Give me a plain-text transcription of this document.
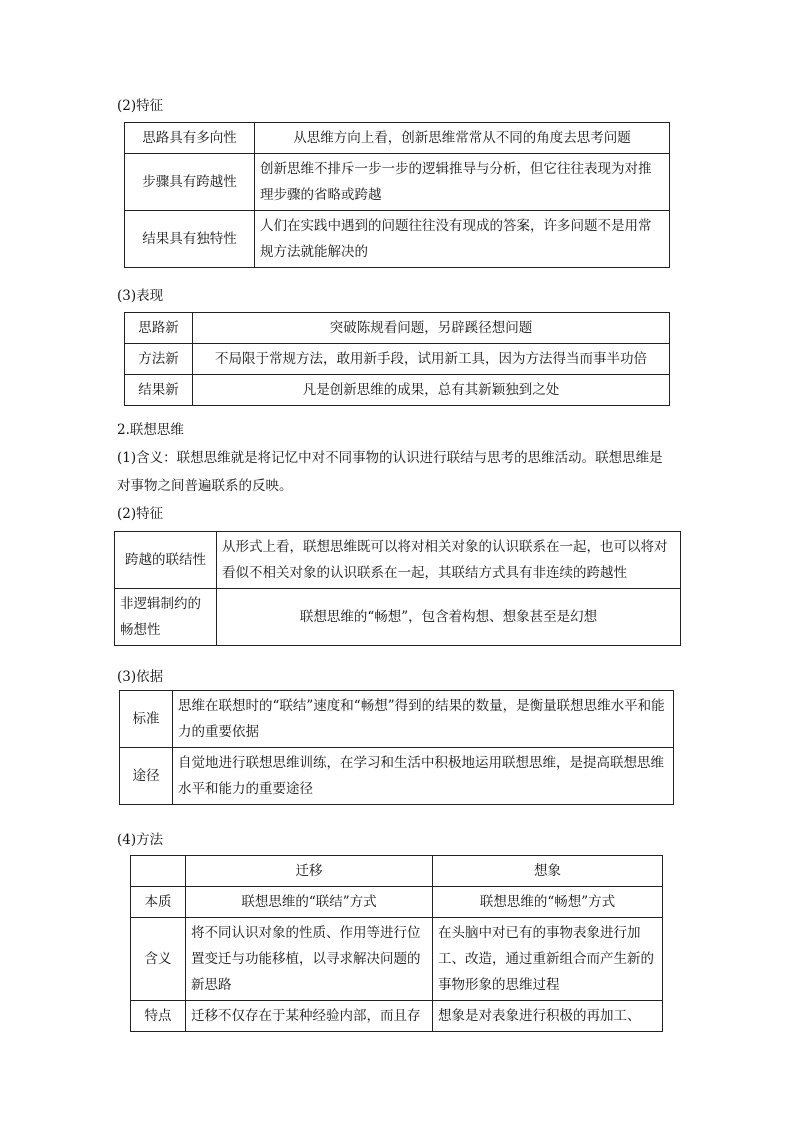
(2)特征
思路具有多向性	从思维方向上看，创新思维常常从不同的角度去思考问题
步骤具有跨越性	创新思维不排斥一步一步的逻辑推导与分析，但它往往表现为对推理步骤的省略或跨越
结果具有独特性	人们在实践中遇到的问题往往没有现成的答案，许多问题不是用常规方法就能解决的
(3)表现
思路新	突破陈规看问题，另辟蹊径想问题
方法新	不局限于常规方法，敢用新手段，试用新工具，因为方法得当而事半功倍
结果新	凡是创新思维的成果，总有其新颖独到之处
2.联想思维
(1)含义：联想思维就是将记忆中对不同事物的认识进行联结与思考的思维活动。联想思维是
对事物之间普遍联系的反映。
(2)特征
跨越的联结性	从形式上看，联想思维既可以将对相关对象的认识联系在一起，也可以将对看似不相关对象的认识联系在一起，其联结方式具有非连续的跨越性
非逻辑制约的畅想性	联想思维的“畅想”，包含着构想、想象甚至是幻想
(3)依据
标准	思维在联想时的“联结”速度和“畅想”得到的结果的数量，是衡量联想思维水平和能力的重要依据
途径	自觉地进行联想思维训练，在学习和生活中积极地运用联想思维，是提高联想思维水平和能力的重要途径
(4)方法
	迁移	想象
本质	联想思维的“联结”方式	联想思维的“畅想”方式
含义	将不同认识对象的性质、作用等进行位置变迁与功能移植，以寻求解决问题的新思路	在头脑中对已有的事物表象进行加工、改造，通过重新组合而产生新的事物形象的思维过程
特点	迁移不仅存在于某种经验内部，而且存	想象是对表象进行积极的再加工、
